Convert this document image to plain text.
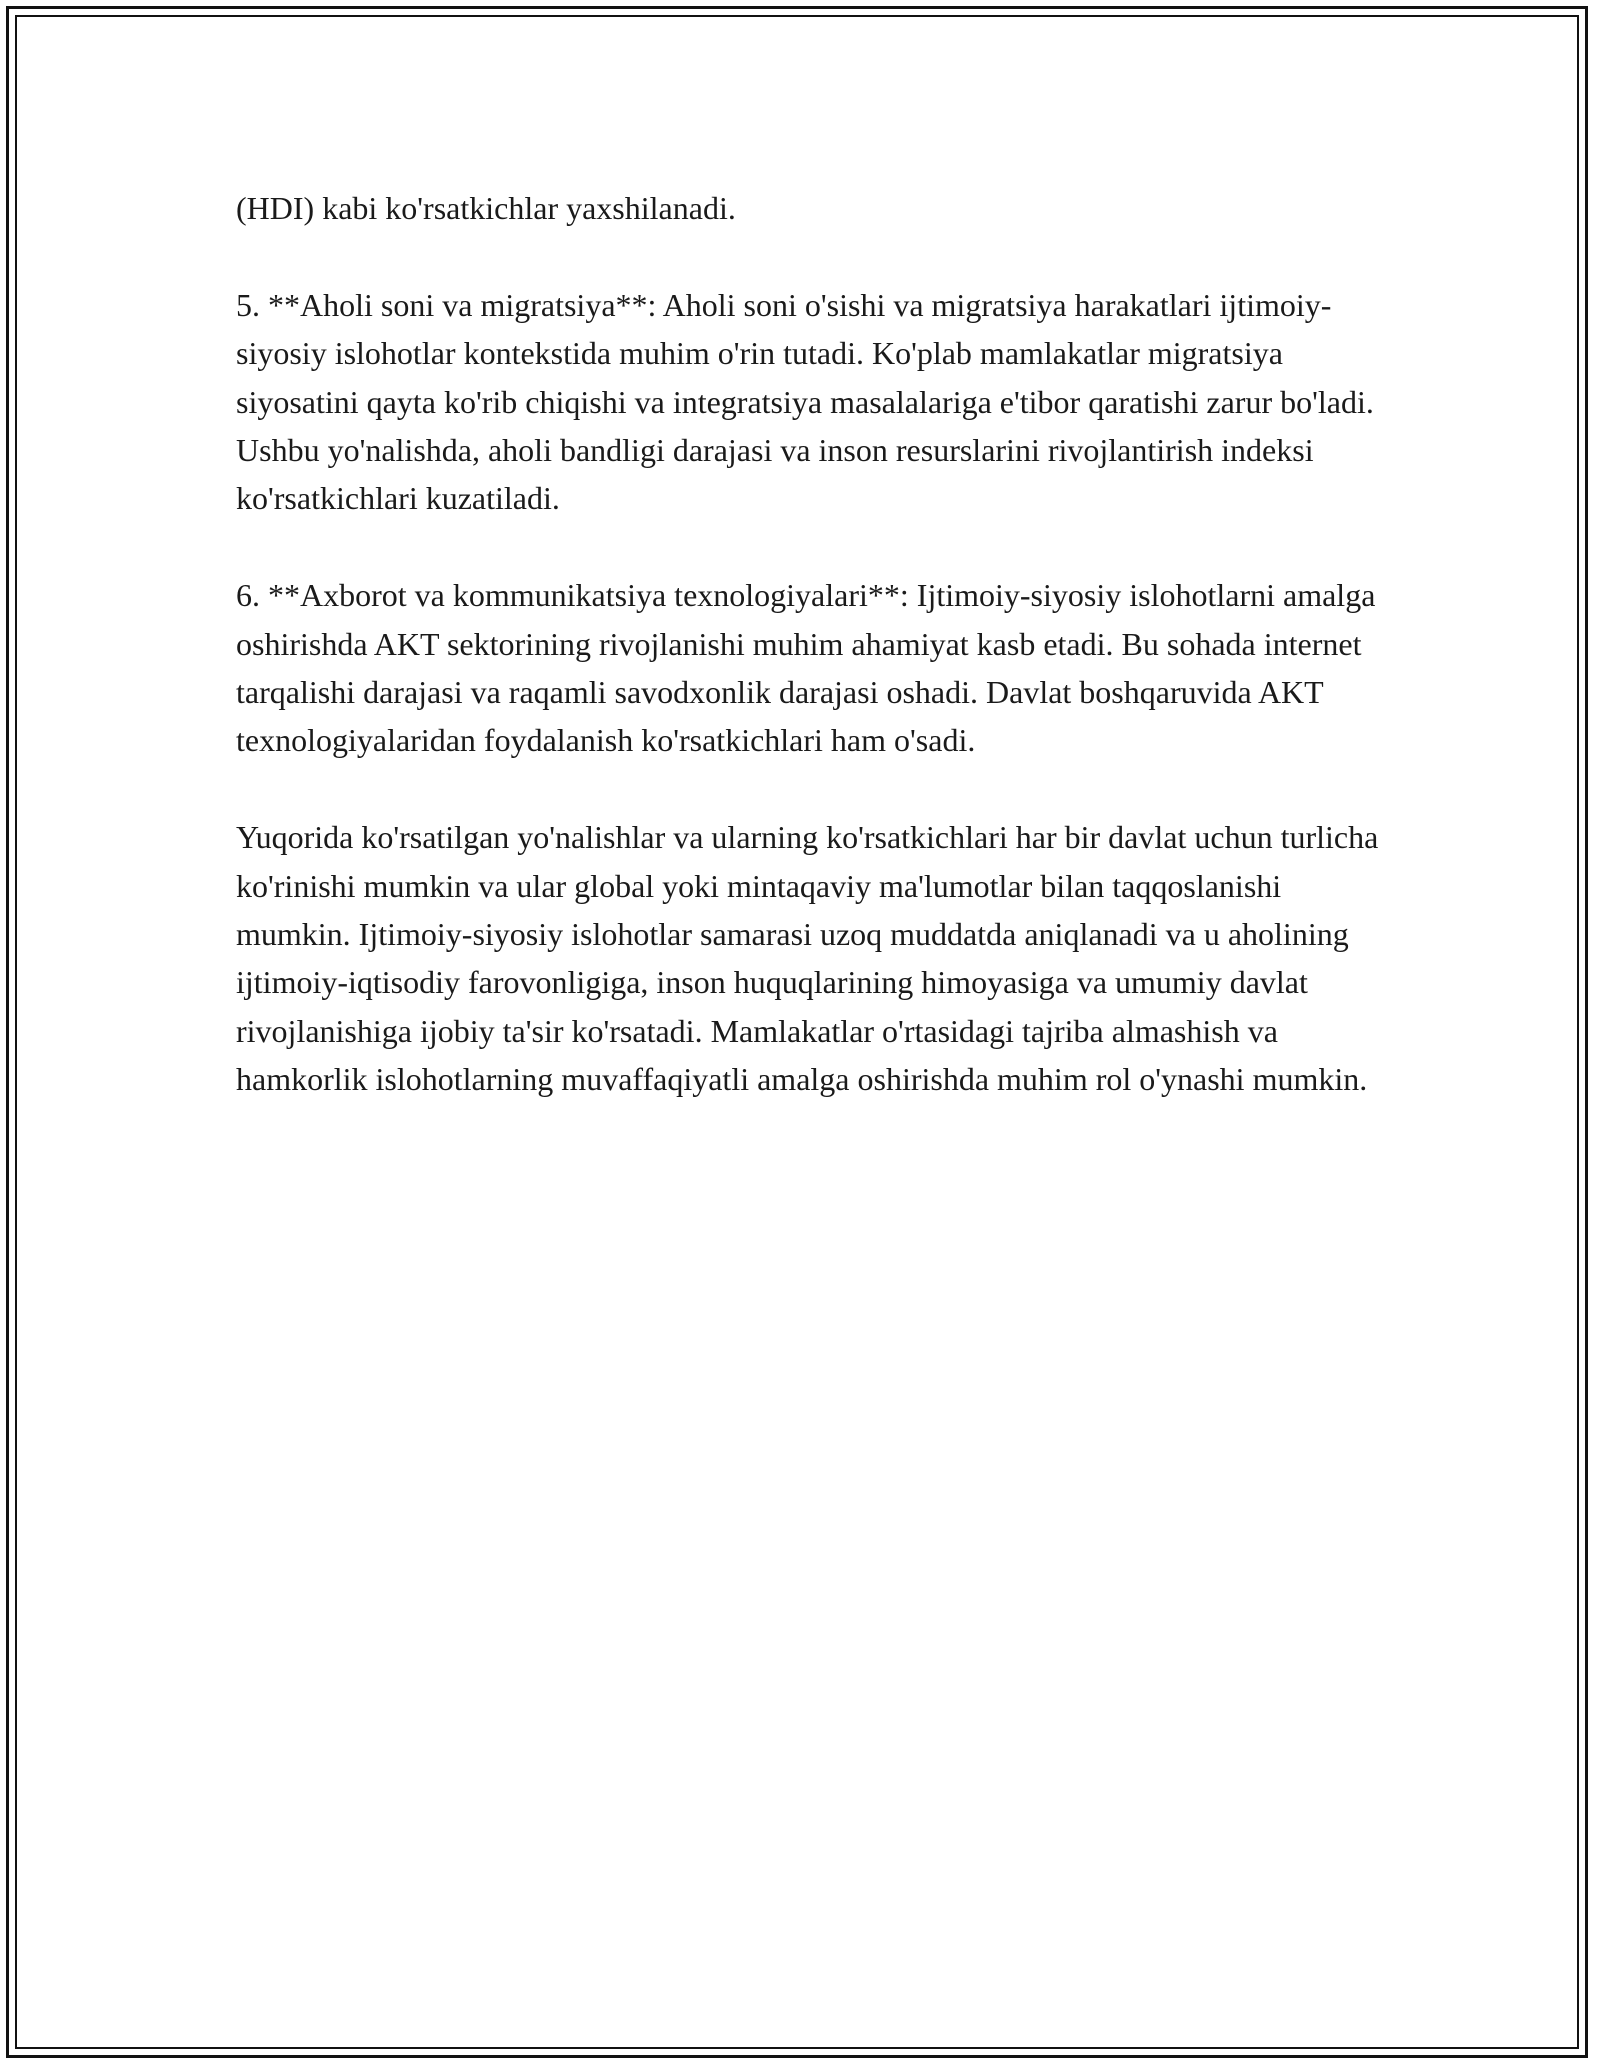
(HDI) kabi ko'rsatkichlar yaxshilanadi.

5. **Aholi soni va migratsiya**: Aholi soni o'sishi va migratsiya harakatlari ijtimoiy-siyosiy islohotlar kontekstida muhim o'rin tutadi. Ko'plab mamlakatlar migratsiya siyosatini qayta ko'rib chiqishi va integratsiya masalalariga e'tibor qaratishi zarur bo'ladi. Ushbu yo'nalishda, aholi bandligi darajasi va inson resurslarini rivojlantirish indeksi ko'rsatkichlari kuzatiladi.

6. **Axborot va kommunikatsiya texnologiyalari**: Ijtimoiy-siyosiy islohotlarni amalga oshirishda AKT sektorining rivojlanishi muhim ahamiyat kasb etadi. Bu sohada internet tarqalishi darajasi va raqamli savodxonlik darajasi oshadi. Davlat boshqaruvida AKT texnologiyalaridan foydalanish ko'rsatkichlari ham o'sadi.

Yuqorida ko'rsatilgan yo'nalishlar va ularning ko'rsatkichlari har bir davlat uchun turlicha ko'rinishi mumkin va ular global yoki mintaqaviy ma'lumotlar bilan taqqoslanishi mumkin. Ijtimoiy-siyosiy islohotlar samarasi uzoq muddatda aniqlanadi va u aholining ijtimoiy-iqtisodiy farovonligiga, inson huquqlarining himoyasiga va umumiy davlat rivojlanishiga ijobiy ta'sir ko'rsatadi. Mamlakatlar o'rtasidagi tajriba almashish va hamkorlik islohotlarning muvaffaqiyatli amalga oshirishda muhim rol o'ynashi mumkin.
